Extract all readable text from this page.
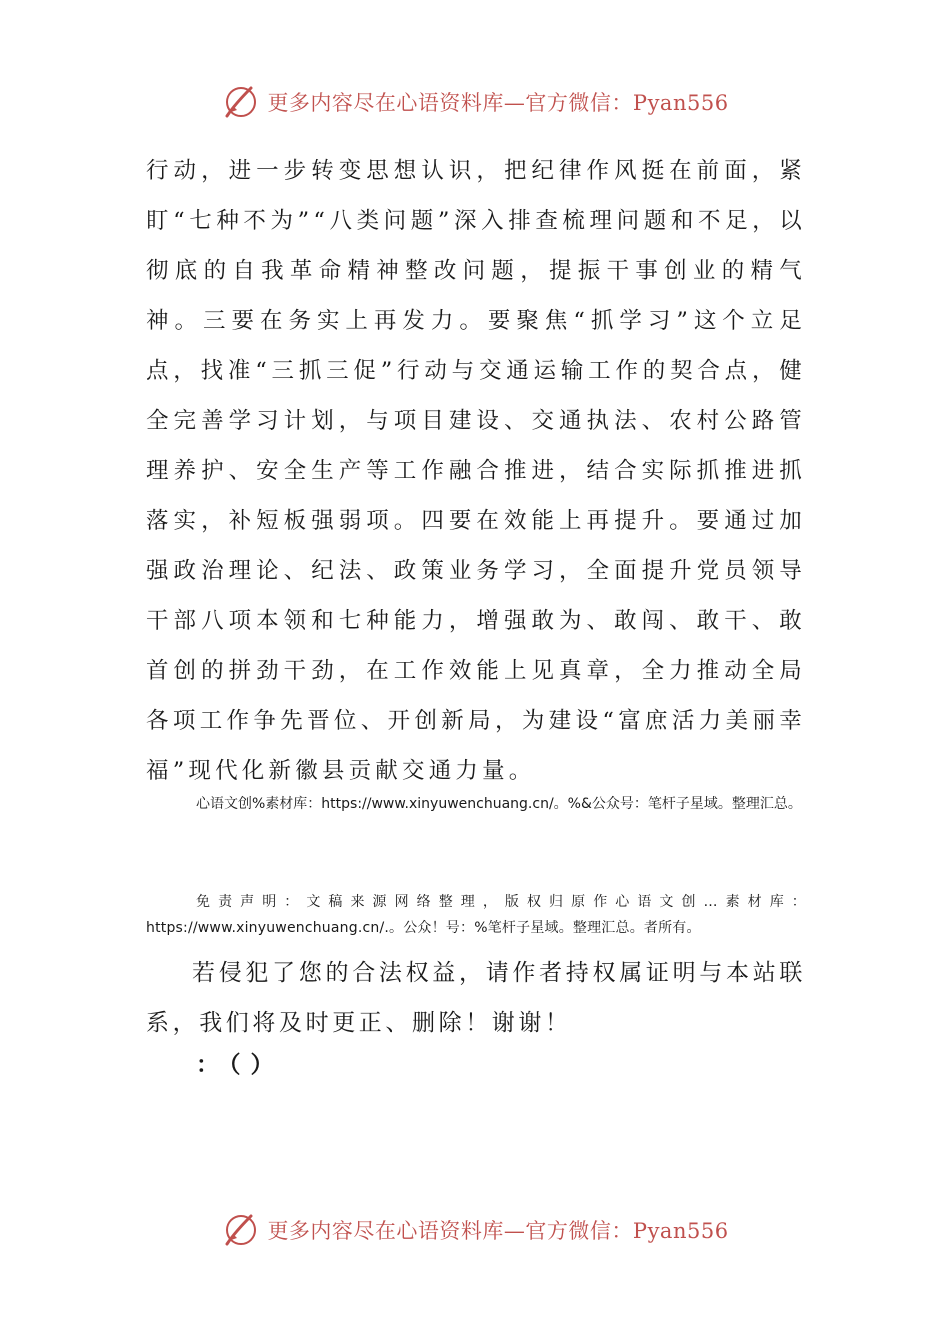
更多内容尽在心语资料库—官方微信：Pyan556

行动，进一步转变思想认识，把纪律作风挺在前面，紧盯“七种不为”“八类问题”深入排查梳理问题和不足，以彻底的自我革命精神整改问题，提振干事创业的精气神。三要在务实上再发力。要聚焦“抓学习”这个立足点，找准“三抓三促”行动与交通运输工作的契合点，健全完善学习计划，与项目建设、交通执法、农村公路管理养护、安全生产等工作融合推进，结合实际抓推进抓落实，补短板强弱项。四要在效能上再提升。要通过加强政治理论、纪法、政策业务学习，全面提升党员领导干部八项本领和七种能力，增强敢为、敢闯、敢干、敢首创的拼劲干劲，在工作效能上见真章，全力推动全局各项工作争先晋位、开创新局，为建设“富庶活力美丽幸福”现代化新徽县贡献交通力量。

心语文创%素材库：https://www.xinyuwenchuang.cn/。%&公众号：笔杆子星域。整理汇总。

免责声明：文稿来源网络整理，版权归原作心语文创…素材库：https://www.xinyuwenchuang.cn/.。公众！号：%笔杆子星域。整理汇总。者所有。

若侵犯了您的合法权益，请作者持权属证明与本站联系，我们将及时更正、删除！谢谢！

：（）
更多内容尽在心语资料库—官方微信：Pyan556
